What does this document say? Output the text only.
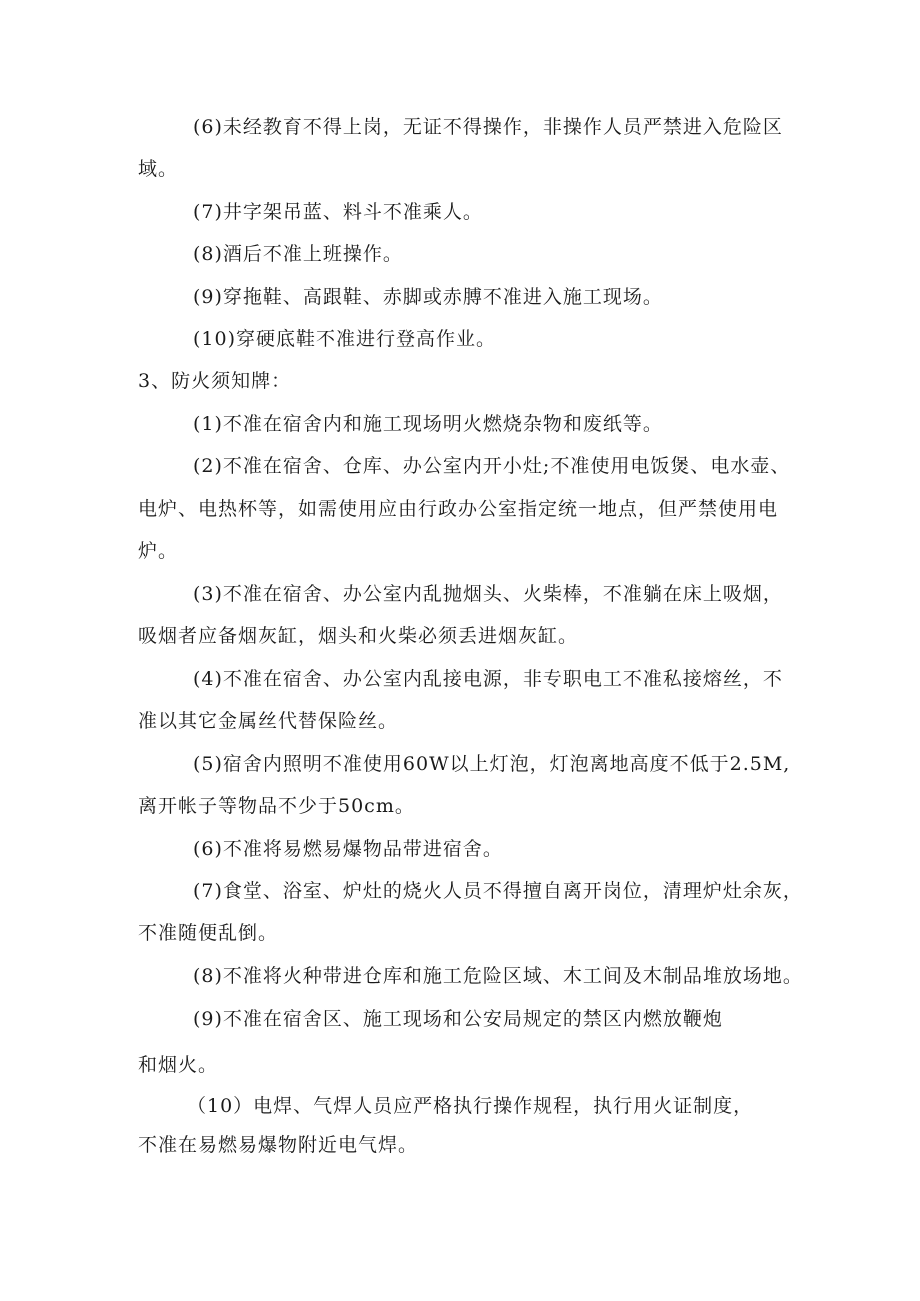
(6)未经教育不得上岗，无证不得操作，非操作人员严禁进入危险区
域。
(7)井字架吊蓝、料斗不准乘人。
(8)酒后不准上班操作。
(9)穿拖鞋、高跟鞋、赤脚或赤膊不准进入施工现场。
(10)穿硬底鞋不准进行登高作业。
3、防火须知牌：
(1)不准在宿舍内和施工现场明火燃烧杂物和废纸等。
(2)不准在宿舍、仓库、办公室内开小灶;不准使用电饭煲、电水壶、
电炉、电热杯等，如需使用应由行政办公室指定统一地点，但严禁使用电
炉。
(3)不准在宿舍、办公室内乱抛烟头、火柴棒，不准躺在床上吸烟，
吸烟者应备烟灰缸，烟头和火柴必须丢进烟灰缸。
(4)不准在宿舍、办公室内乱接电源，非专职电工不准私接熔丝，不
准以其它金属丝代替保险丝。
(5)宿舍内照明不准使用60W以上灯泡，灯泡离地高度不低于2.5M,
离开帐子等物品不少于50cm。
(6)不准将易燃易爆物品带进宿舍。
(7)食堂、浴室、炉灶的烧火人员不得擅自离开岗位，清理炉灶余灰，
不准随便乱倒。
(8)不准将火种带进仓库和施工危险区域、木工间及木制品堆放场地。
(9)不准在宿舍区、施工现场和公安局规定的禁区内燃放鞭炮
和烟火。
（10）电焊、气焊人员应严格执行操作规程，执行用火证制度，
不准在易燃易爆物附近电气焊。
